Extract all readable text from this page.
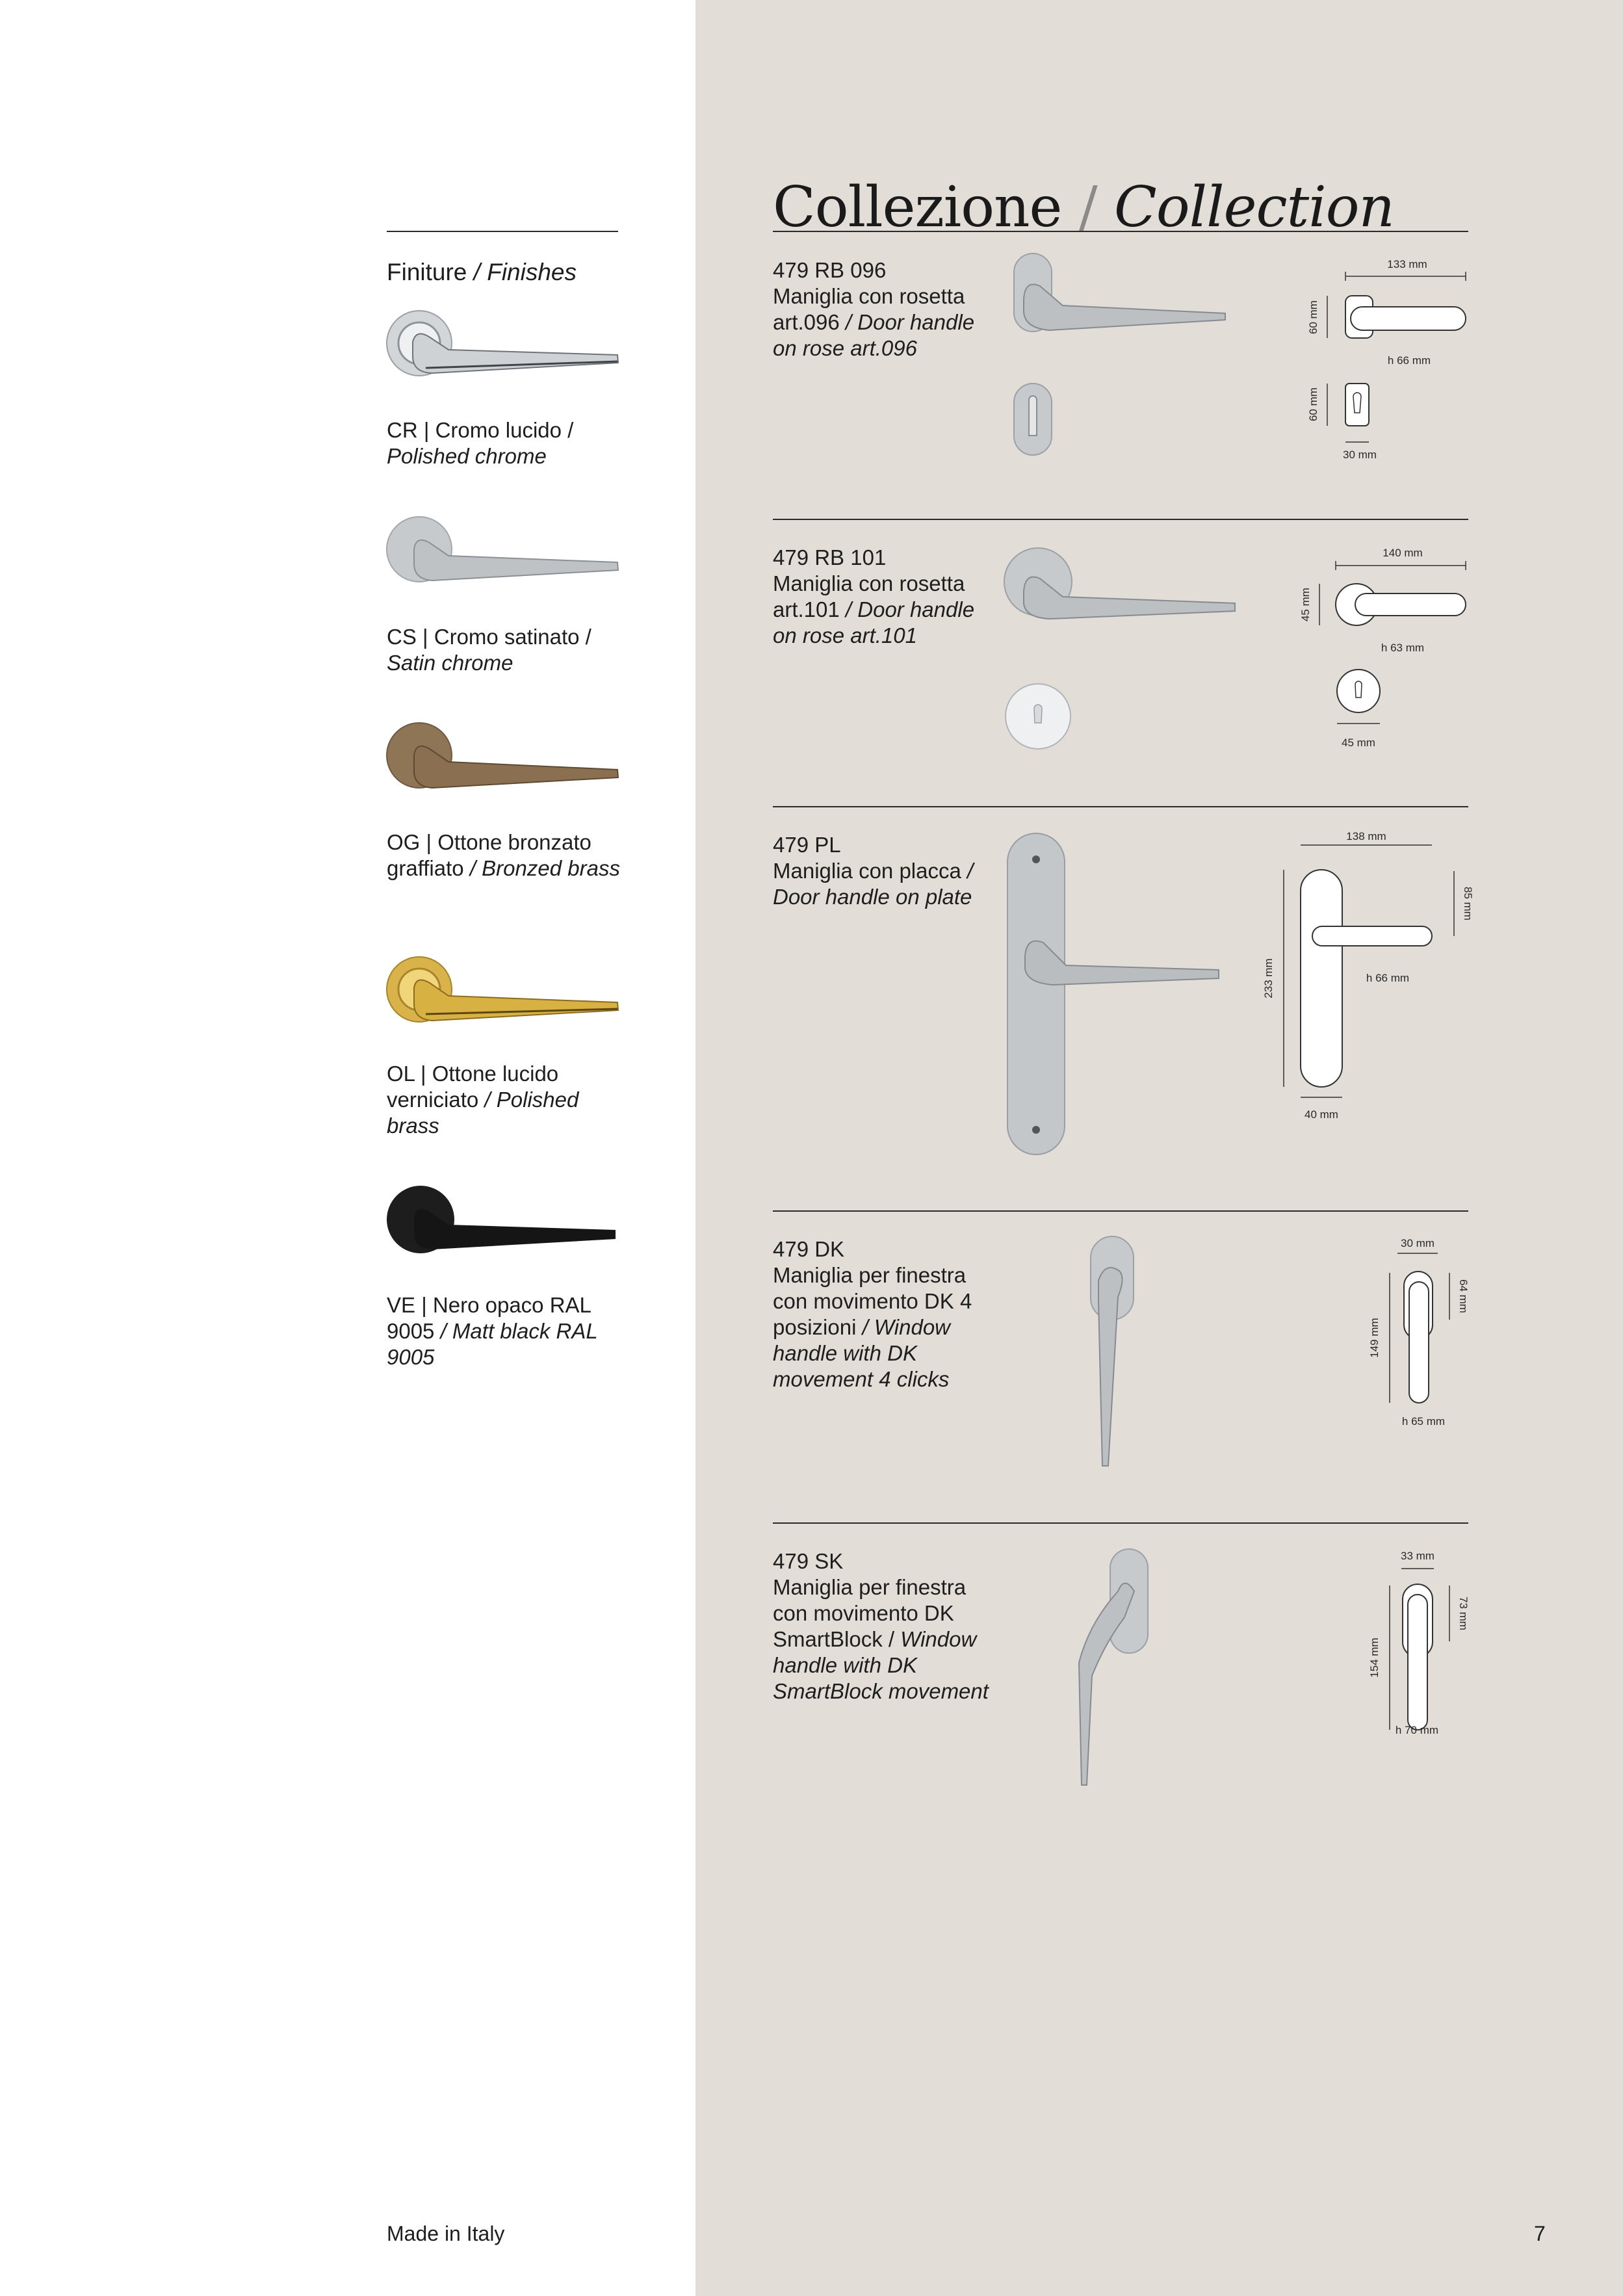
Collezione / Collection
Finiture / Finishes
CR | Cromo lucido / Polished chrome
CS | Cromo satinato / Satin chrome
OG | Ottone bronzato graffiato / Bronzed brass
OL | Ottone lucido verniciato / Polished brass
VE | Nero opaco RAL 9005 / Matt black RAL 9005
479 RB 096
Maniglia con rosetta art.096 / Door handle on rose art.096
133 mm
60 mm
h 66 mm
60 mm
30 mm
479 RB 101
Maniglia con rosetta art.101 / Door handle on rose art.101
140 mm
45 mm
h 63 mm
45 mm
479 PL
Maniglia con placca / Door handle on plate
138 mm
85 mm
233 mm	h 66 mm
40 mm
479 DK
Maniglia per finestra con movimento DK 4 posizioni / Window handle with DK movement 4 clicks
30 mm
64 mm
149 mm
h 65 mm
479 SK
Maniglia per finestra con movimento DK SmartBlock / Window handle with DK SmartBlock movement
33 mm
73 mm
154 mm
h 70 mm
Made in Italy	7
